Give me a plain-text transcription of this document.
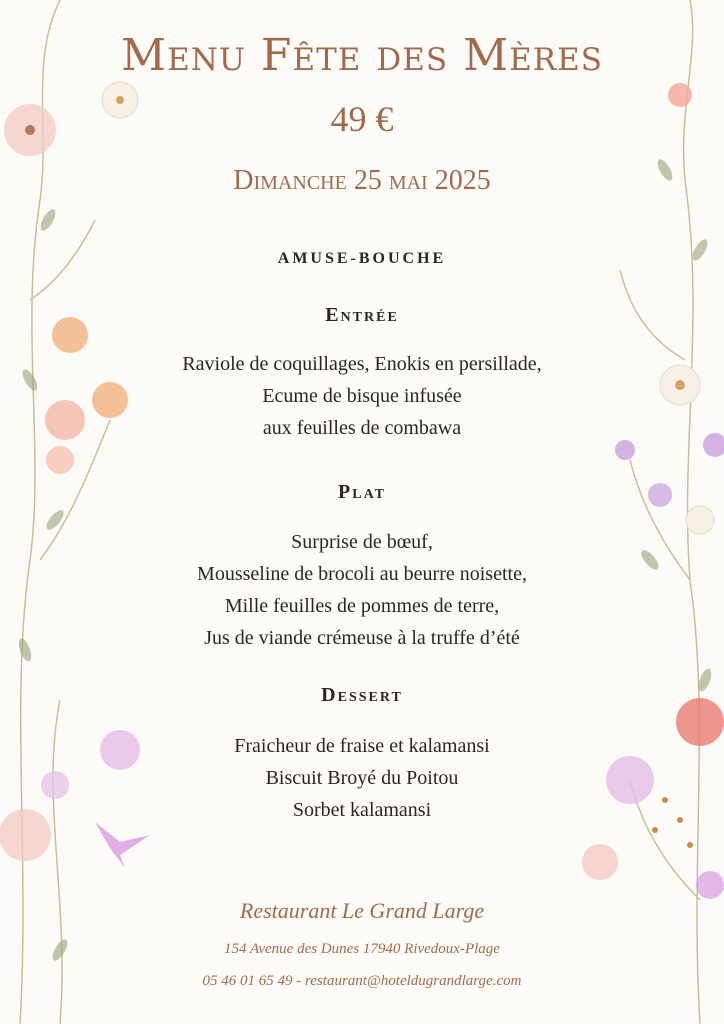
Menu Fête des Mères
49 €
Dimanche 25 mai 2025
AMUSE-BOUCHE
Entrée
Raviole de coquillages, Enokis en persillade,
Ecume de bisque infusée
aux feuilles de combawa
Plat
Surprise de bœuf,
Mousseline de brocoli au beurre noisette,
Mille feuilles de pommes de terre,
Jus de viande crémeuse à la truffe d’été
Dessert
Fraicheur de fraise et kalamansi
Biscuit Broyé du Poitou
Sorbet kalamansi
Restaurant Le Grand Large
154 Avenue des Dunes 17940 Rivedoux-Plage
05 46 01 65 49 - restaurant@hoteldugrandlarge.com
